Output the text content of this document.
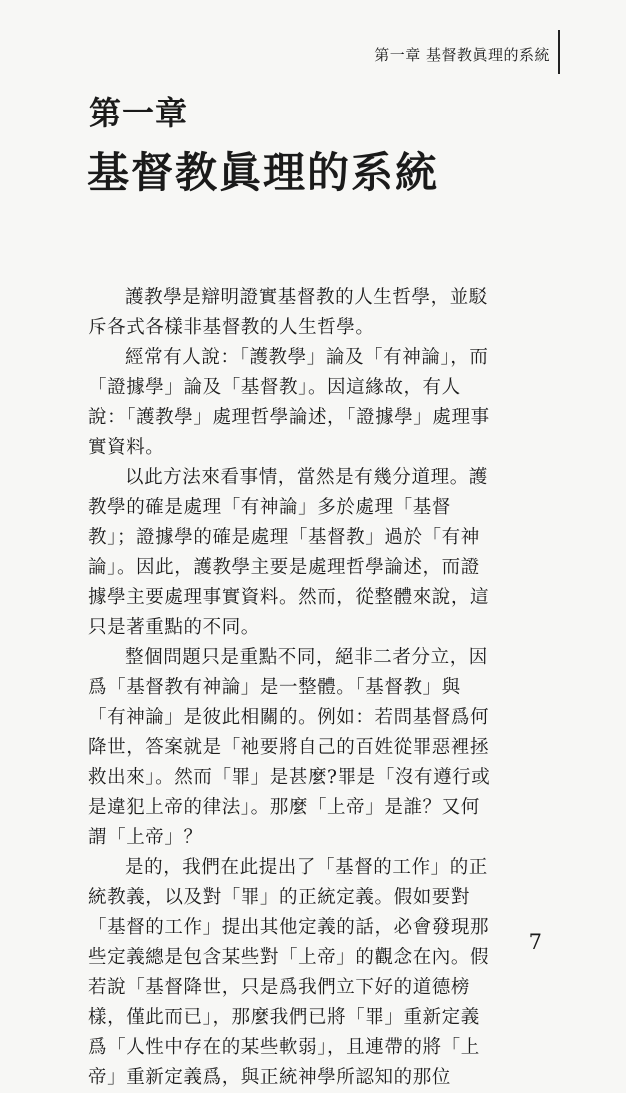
第一章 基督教眞理的系統
第一章
基督教眞理的系統

護教學是辯明證實基督教的人生哲學，並駁斥各式各樣非基督教的人生哲學。

經常有人說：「護教學」論及「有神論」，而「證據學」論及「基督教」。因這緣故，有人說：「護教學」處理哲學論述，「證據學」處理事實資料。

以此方法來看事情，當然是有幾分道理。護教學的確是處理「有神論」多於處理「基督教」；證據學的確是處理「基督教」過於「有神論」。因此，護教學主要是處理哲學論述，而證據學主要處理事實資料。然而，從整體來說，這只是著重點的不同。

整個問題只是重點不同，絕非二者分立，因爲「基督教有神論」是一整體。「基督教」與「有神論」是彼此相關的。例如：若問基督爲何降世，答案就是「祂要將自己的百姓從罪惡裡拯救出來」。然而「罪」是甚麼?罪是「沒有遵行或是違犯上帝的律法」。那麼「上帝」是誰？又何謂「上帝」？

是的，我們在此提出了「基督的工作」的正統教義，以及對「罪」的正統定義。假如要對「基督的工作」提出其他定義的話，必會發現那些定義總是包含某些對「上帝」的觀念在內。假若說「基督降世，只是爲我們立下好的道德榜樣，僅此而已」，那麼我們已將「罪」重新定義爲「人性中存在的某些軟弱」，且連帶的將「上帝」重新定義爲，與正統神學所認知的那位

7
